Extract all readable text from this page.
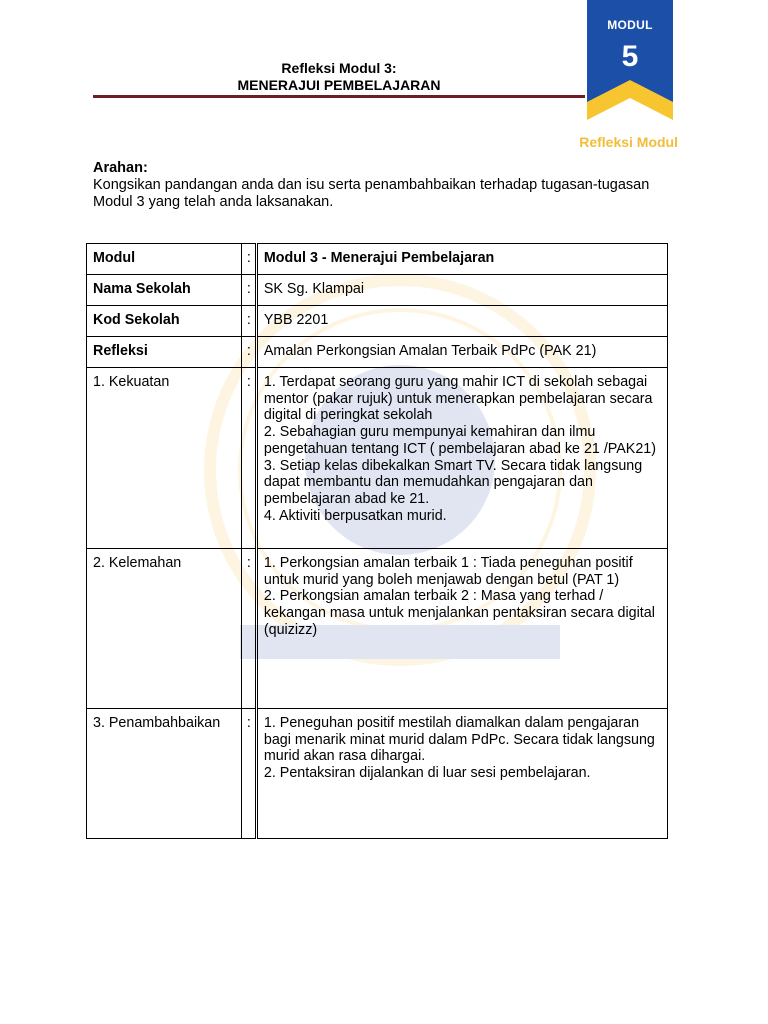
Refleksi Modul 3:
MENERAJUI PEMBELAJARAN
MODUL
5
Refleksi Modul
Arahan:
Kongsikan pandangan anda dan isu serta penambahbaikan terhadap tugasan-tugasan Modul 3 yang telah anda laksanakan.
Modul	:	Modul 3 - Menerajui Pembelajaran
Nama Sekolah	:	SK Sg. Klampai
Kod Sekolah	:	YBB 2201
Refleksi	:	Amalan Perkongsian Amalan Terbaik PdPc (PAK 21)
1. Kekuatan	:	1. Terdapat seorang guru yang mahir ICT di sekolah sebagai mentor (pakar rujuk) untuk menerapkan pembelajaran secara digital di peringkat sekolah
2. Sebahagian guru mempunyai kemahiran dan ilmu pengetahuan tentang ICT ( pembelajaran abad ke 21 /PAK21)
3. Setiap kelas dibekalkan Smart TV. Secara tidak langsung dapat membantu dan memudahkan pengajaran dan pembelajaran abad ke 21.
4. Aktiviti berpusatkan murid.

2. Kelemahan	:	1. Perkongsian amalan terbaik 1 : Tiada peneguhan positif untuk murid yang boleh menjawab dengan betul (PAT 1)
2. Perkongsian amalan terbaik 2 : Masa yang terhad / kekangan masa untuk menjalankan pentaksiran secara digital (quizizz)

3. Penambahbaikan	:	1. Peneguhan positif mestilah diamalkan dalam pengajaran bagi menarik minat murid dalam PdPc. Secara tidak langsung murid akan rasa dihargai.
2. Pentaksiran dijalankan di luar sesi pembelajaran.
